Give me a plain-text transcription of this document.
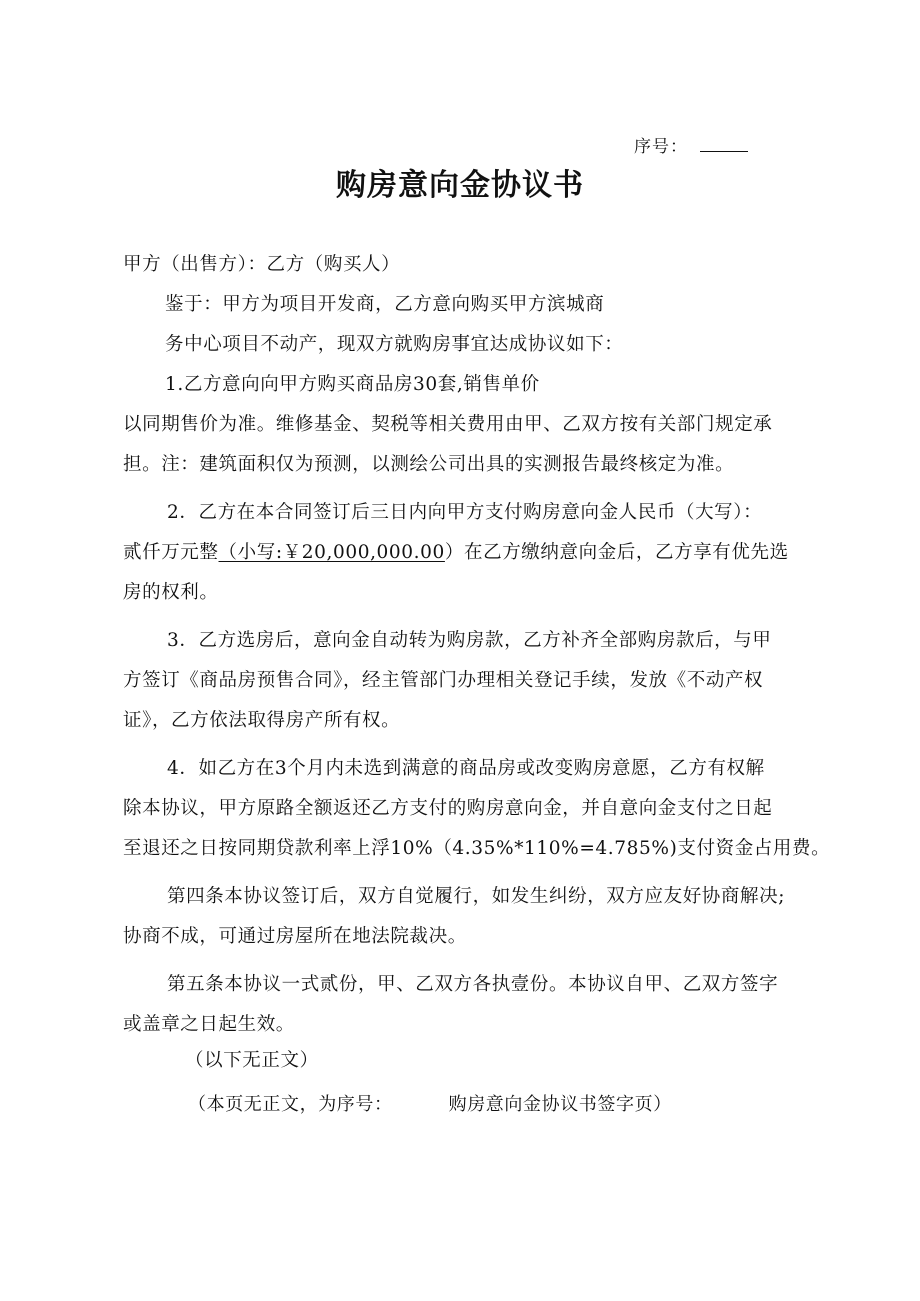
序号：
购房意向金协议书
甲方（出售方）：乙方（购买人）
鉴于：甲方为项目开发商，乙方意向购买甲方滨城商
务中心项目不动产，现双方就购房事宜达成协议如下：
1.乙方意向向甲方购买商品房30套,销售单价
以同期售价为准。维修基金、契税等相关费用由甲、乙双方按有关部门规定承
担。注：建筑面积仅为预测，以测绘公司出具的实测报告最终核定为准。
2．乙方在本合同签订后三日内向甲方支付购房意向金人民币（大写）：
贰仟万元整（小写:￥20,000,000.00）在乙方缴纳意向金后，乙方享有优先选
房的权利。
3．乙方选房后，意向金自动转为购房款，乙方补齐全部购房款后，与甲
方签订《商品房预售合同》，经主管部门办理相关登记手续，发放《不动产权
证》，乙方依法取得房产所有权。
4．如乙方在3个月内未选到满意的商品房或改变购房意愿，乙方有权解
除本协议，甲方原路全额返还乙方支付的购房意向金，并自意向金支付之日起
至退还之日按同期贷款利率上浮10%（4.35%*110%=4.785%)支付资金占用费。
第四条本协议签订后，双方自觉履行，如发生纠纷，双方应友好协商解决;
协商不成，可通过房屋所在地法院裁决。
第五条本协议一式贰份，甲、乙双方各执壹份。本协议自甲、乙双方签字
或盖章之日起生效。
（以下无正文）
（本页无正文，为序号：	购房意向金协议书签字页）
